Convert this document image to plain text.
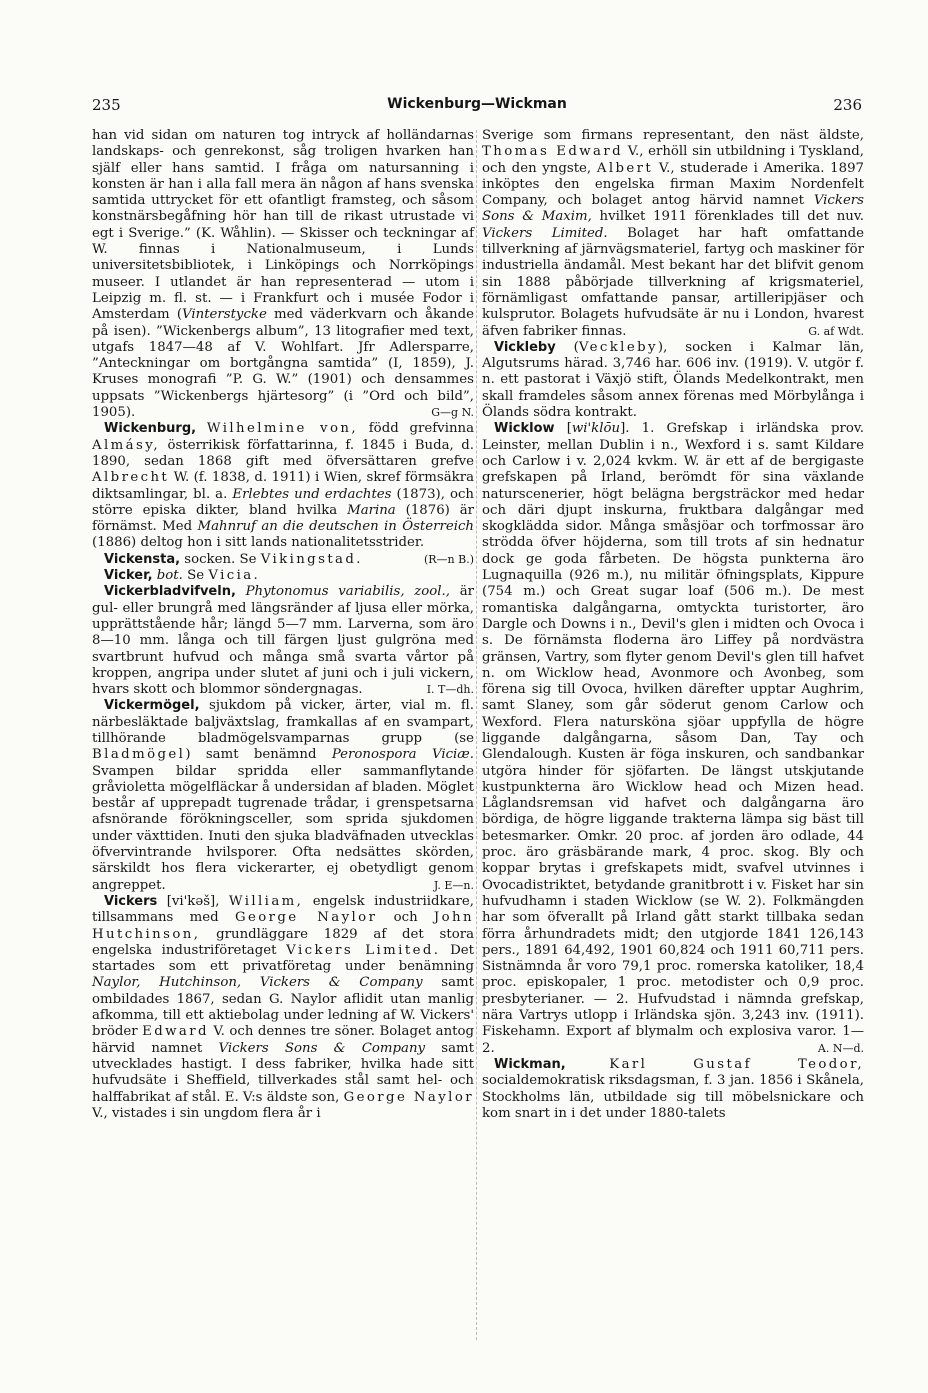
235	Wickenburg—Wickman	236

han vid sidan om naturen tog intryck af holländarnas landskaps- och genrekonst, såg troligen hvarken han själf eller hans samtid. I fråga om natursanning i konsten är han i alla fall mera än någon af hans svenska samtida uttrycket för ett ofantligt framsteg, och såsom konstnärsbegåfning hör han till de rikast utrustade vi egt i Sverige.” (K. Wåhlin). — Skisser och teckningar af W. finnas i Nationalmuseum, i Lunds universitetsbibliotek, i Linköpings och Norrköpings museer. I utlandet är han representerad — utom i Leipzig m. fl. st. — i Frankfurt och i musée Fodor i Amsterdam (Vinterstycke med väderkvarn och åkande på isen). ”Wickenbergs album”, 13 litografier med text, utgafs 1847—48 af V. Wohlfart. Jfr Adlersparre, ”Anteckningar om bortgångna samtida” (I, 1859), J. Kruses monografi ”P. G. W.” (1901) och densammes uppsats ”Wickenbergs hjärtesorg” (i ”Ord och bild”, 1905).	G—g N.

Wickenburg, Wilhelmine von, född grefvinna Almásy, österrikisk författarinna, f. 1845 i Buda, d. 1890, sedan 1868 gift med öfversättaren grefve Albrecht W. (f. 1838, d. 1911) i Wien, skref förmsäkra diktsamlingar, bl. a. Erlebtes und erdachtes (1873), och större episka dikter, bland hvilka Marina (1876) är förnämst. Med Mahnruf an die deutschen in Österreich (1886) deltog hon i sitt lands nationalitetsstrider.
(R—n B.)

Vickensta, socken. Se Vikingstad.

Vicker, bot. Se Vicia.

Vickerbladvifveln, Phytonomus variabilis, zool., är gul- eller brungrå med längsränder af ljusa eller mörka, upprättstående hår; längd 5—7 mm. Larverna, som äro 8—10 mm. långa och till färgen ljust gulgröna med svartbrunt hufvud och många små svarta vårtor på kroppen, angripa under slutet af juni och i juli vickern, hvars skott och blommor söndergnagas.	I. T—dh.

Vickermögel, sjukdom på vicker, ärter, vial m. fl. närbesläktade baljväxtslag, framkallas af en svampart, tillhörande bladmögelsvamparnas grupp (se Bladmögel) samt benämnd Peronospora Viciæ. Svampen bildar spridda eller sammanflytande gråvioletta mögelfläckar å undersidan af bladen. Möglet består af upprepadt tugrenade trådar, i grenspetsarna afsnörande förökningsceller, som sprida sjukdomen under växttiden. Inuti den sjuka bladväfnaden utvecklas öfvervintrande hvilsporer. Ofta nedsättes skörden, särskildt hos flera vickerarter, ej obetydligt genom angreppet.	J. E—n.

Vickers [vi'kəš], William, engelsk industriidkare, tillsammans med George Naylor och John Hutchinson, grundläggare 1829 af det stora engelska industriföretaget Vickers Limited. Det startades som ett privatföretag under benämning Naylor, Hutchinson, Vickers & Company samt ombildades 1867, sedan G. Naylor aflidit utan manlig afkomma, till ett aktiebolag under ledning af W. Vickers' bröder Edward V. och dennes tre söner. Bolaget antog härvid namnet Vickers Sons & Company samt utvecklades hastigt. I dess fabriker, hvilka hade sitt hufvudsäte i Sheffield, tillverkades stål samt hel- och halffabrikat af stål. E. V:s äldste son, George Naylor V., vistades i sin ungdom flera år i

Sverige som firmans representant, den näst äldste, Thomas Edward V., erhöll sin utbildning i Tyskland, och den yngste, Albert V., studerade i Amerika. 1897 inköptes den engelska firman Maxim Nordenfelt Company, och bolaget antog härvid namnet Vickers Sons & Maxim, hvilket 1911 förenklades till det nuv. Vickers Limited. Bolaget har haft omfattande tillverkning af järnvägsmateriel, fartyg och maskiner för industriella ändamål. Mest bekant har det blifvit genom sin 1888 påbörjade tillverkning af krigsmateriel, förnämligast omfattande pansar, artilleripjäser och kulsprutor. Bolagets hufvudsäte är nu i London, hvarest äfven fabriker finnas.	G. af Wdt.

Vickleby (Veckleby), socken i Kalmar län, Algutsrums härad. 3,746 har. 606 inv. (1919). V. utgör f. n. ett pastorat i Växjö stift, Ölands Medelkontrakt, men skall framdeles såsom annex förenas med Mörbylånga i Ölands södra kontrakt.

Wicklow [wi'klōu]. 1. Grefskap i irländska prov. Leinster, mellan Dublin i n., Wexford i s. samt Kildare och Carlow i v. 2,024 kvkm. W. är ett af de bergigaste grefskapen på Irland, berömdt för sina växlande naturscenerier, högt belägna bergsträckor med hedar och däri djupt inskurna, fruktbara dalgångar med skogklädda sidor. Många småsjöar och torfmossar äro strödda öfver höjderna, som till trots af sin hednatur dock ge goda fårbeten. De högsta punkterna äro Lugnaquilla (926 m.), nu militär öfningsplats, Kippure (754 m.) och Great sugar loaf (506 m.). De mest romantiska dalgångarna, omtyckta turistorter, äro Dargle och Downs i n., Devil's glen i midten och Ovoca i s. De förnämsta floderna äro Liffey på nordvästra gränsen, Vartry, som flyter genom Devil's glen till hafvet n. om Wicklow head, Avonmore och Avonbeg, som förena sig till Ovoca, hvilken därefter upptar Aughrim, samt Slaney, som går söderut genom Carlow och Wexford. Flera natursköna sjöar uppfylla de högre liggande dalgångarna, såsom Dan, Tay och Glendalough. Kusten är föga inskuren, och sandbankar utgöra hinder för sjöfarten. De längst utskjutande kustpunkterna äro Wicklow head och Mizen head. Låglandsremsan vid hafvet och dalgångarna äro bördiga, de högre liggande trakterna lämpa sig bäst till betesmarker. Omkr. 20 proc. af jorden äro odlade, 44 proc. äro gräsbärande mark, 4 proc. skog. Bly och koppar brytas i grefskapets midt, svafvel utvinnes i Ovocadistriktet, betydande granitbrott i v. Fisket har sin hufvudhamn i staden Wicklow (se W. 2). Folkmängden har som öfverallt på Irland gått starkt tillbaka sedan förra århundradets midt; den utgjorde 1841 126,143 pers., 1891 64,492, 1901 60,824 och 1911 60,711 pers. Sistnämnda år voro 79,1 proc. romerska katoliker, 18,4 proc. episkopaler, 1 proc. metodister och 0,9 proc. presbyterianer. — 2. Hufvudstad i nämnda grefskap, nära Vartrys utlopp i Irländska sjön. 3,243 inv. (1911). Fiskehamn. Export af blymalm och explosiva varor. 1—2.	A. N—d.

Wickman,	Karl Gustaf Teodor, socialdemokratisk riksdagsman, f. 3 jan. 1856 i Skånela, Stockholms län, utbildade sig till möbelsnickare och kom snart in i det under 1880-talets
